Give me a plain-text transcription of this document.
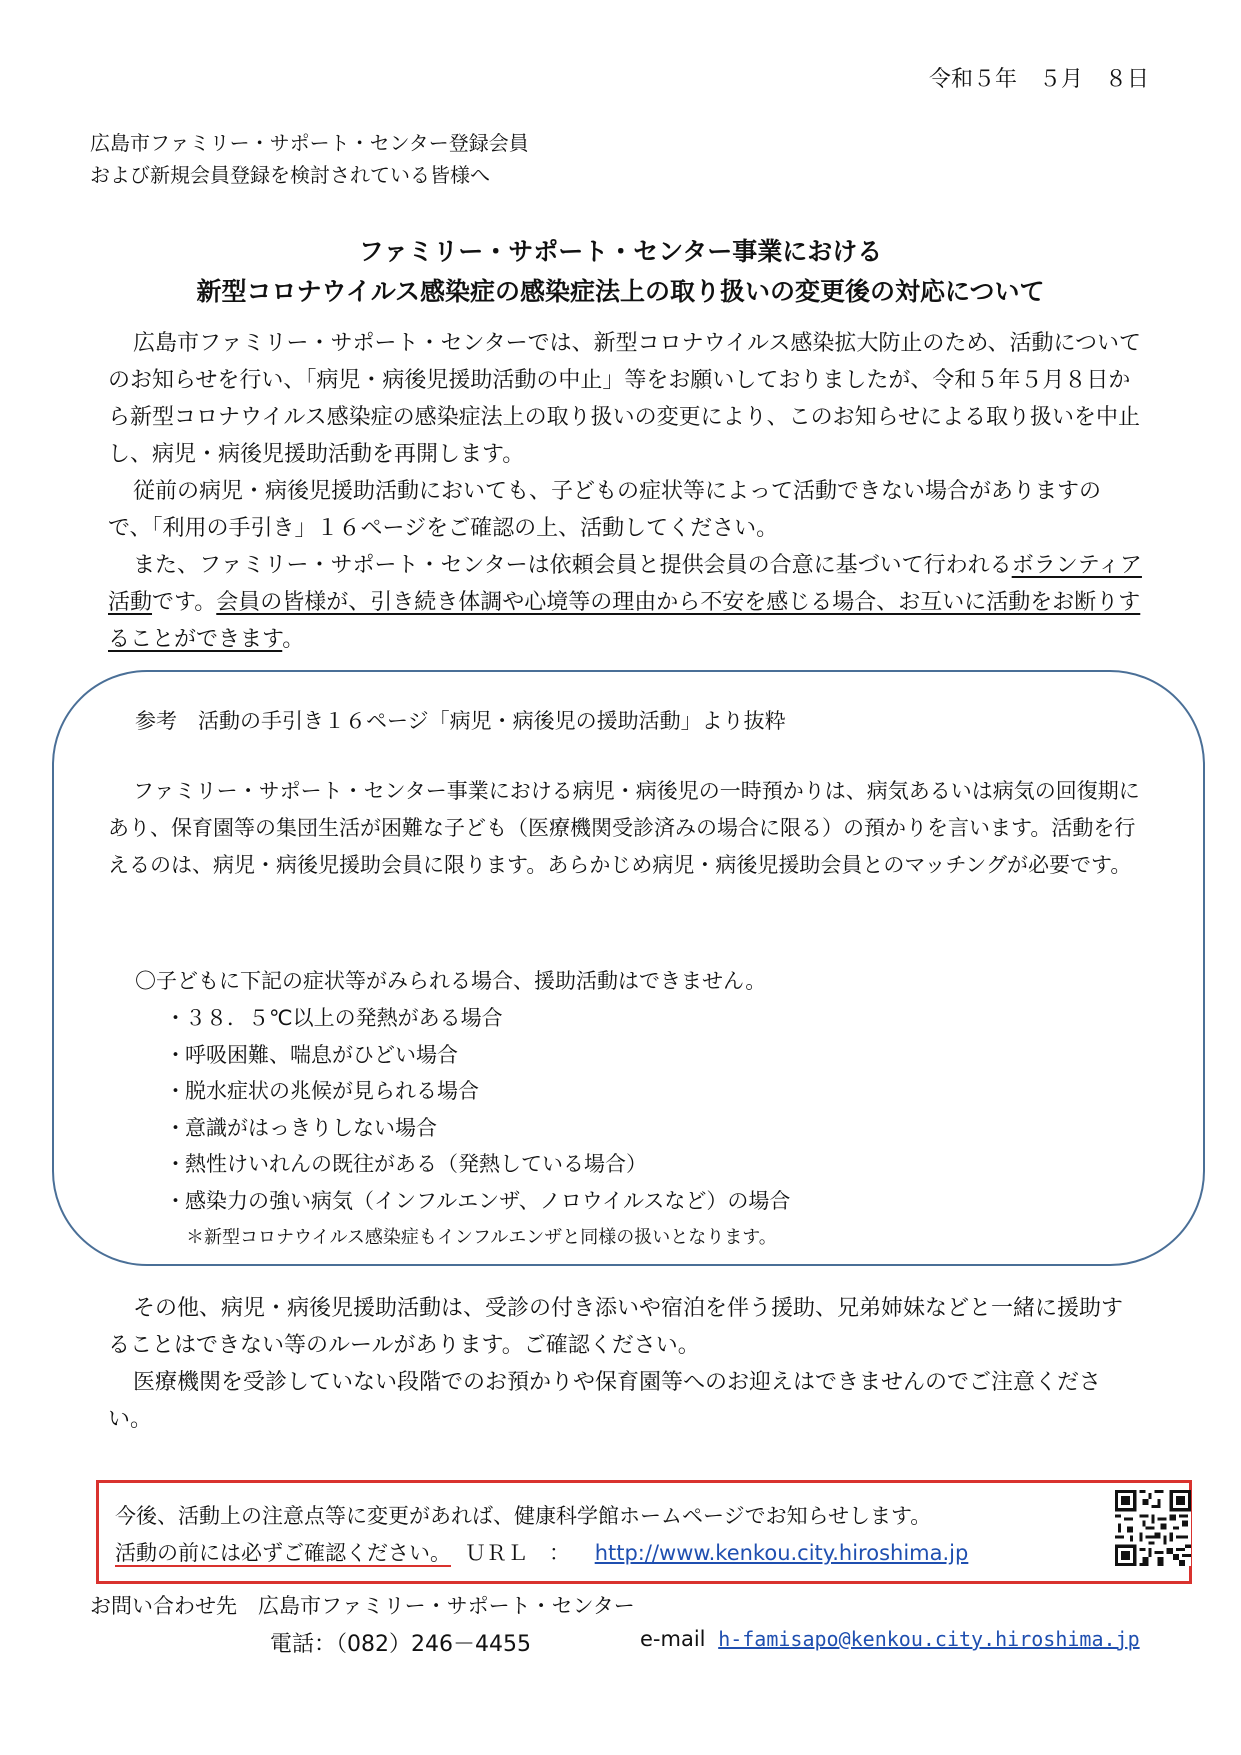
令和５年　５月　８日
広島市ファミリー・サポート・センター登録会員
および新規会員登録を検討されている皆様へ
ファミリー・サポート・センター事業における
新型コロナウイルス感染症の感染症法上の取り扱いの変更後の対応について

広島市ファミリー・サポート・センターでは、新型コロナウイルス感染拡大防止のため、活動についてのお知らせを行い、「病児・病後児援助活動の中止」等をお願いしておりましたが、令和５年５月８日から新型コロナウイルス感染症の感染症法上の取り扱いの変更により、このお知らせによる取り扱いを中止し、病児・病後児援助活動を再開します。

従前の病児・病後児援助活動においても、子どもの症状等によって活動できない場合がありますので、「利用の手引き」１６ページをご確認の上、活動してください。

また、ファミリー・サポート・センターは依頼会員と提供会員の合意に基づいて行われるボランティア活動です。会員の皆様が、引き続き体調や心境等の理由から不安を感じる場合、お互いに活動をお断りすることができます。

参考　活動の手引き１６ページ「病児・病後児の援助活動」より抜粋

ファミリー・サポート・センター事業における病児・病後児の一時預かりは、病気あるいは病気の回復期にあり、保育園等の集団生活が困難な子ども（医療機関受診済みの場合に限る）の預かりを言います。活動を行えるのは、病児・病後児援助会員に限ります。あらかじめ病児・病後児援助会員とのマッチングが必要です。

〇子どもに下記の症状等がみられる場合、援助活動はできません。
・３８．５℃以上の発熱がある場合
・呼吸困難、喘息がひどい場合
・脱水症状の兆候が見られる場合
・意識がはっきりしない場合
・熱性けいれんの既往がある（発熱している場合）
・感染力の強い病気（インフルエンザ、ノロウイルスなど）の場合
＊新型コロナウイルス感染症もインフルエンザと同様の扱いとなります。

その他、病児・病後児援助活動は、受診の付き添いや宿泊を伴う援助、兄弟姉妹などと一緒に援助することはできない等のルールがあります。ご確認ください。

医療機関を受診していない段階でのお預かりや保育園等へのお迎えはできませんのでご注意ください。

今後、活動上の注意点等に変更があれば、健康科学館ホームページでお知らせします。
活動の前には必ずご確認ください。 ＵＲＬ　： http://www.kenkou.city.hiroshima.jp
お問い合わせ先　広島市ファミリー・サポート・センター
電話：（082）246－4455	e-mail h-famisapo@kenkou.city.hiroshima.jp
